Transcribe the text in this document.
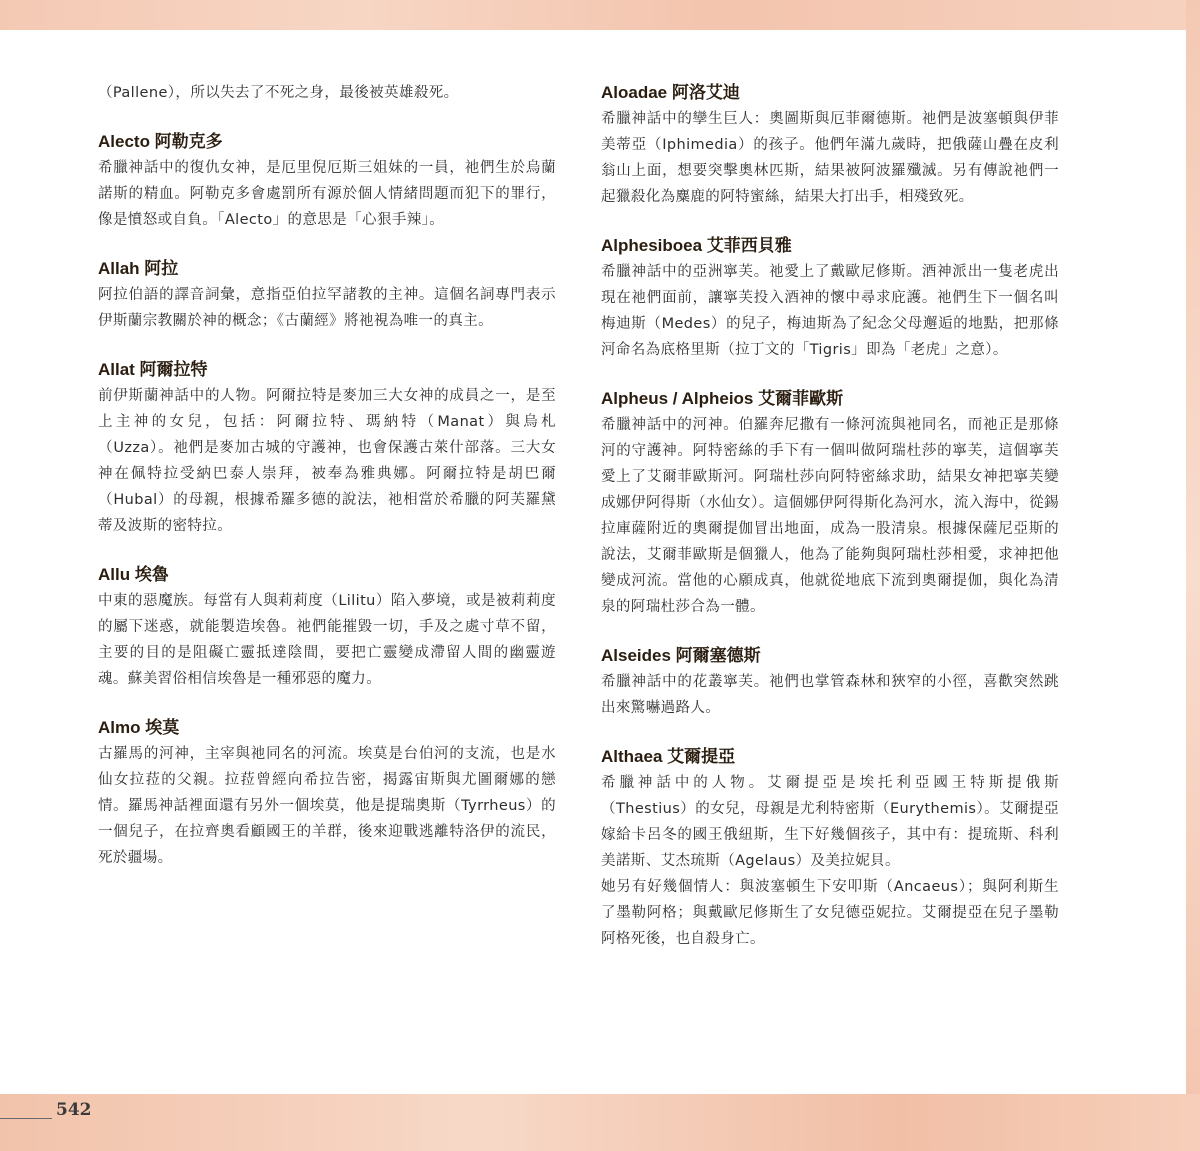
（Pallene），所以失去了不死之身，最後被英雄殺死。

Alecto 阿勒克多

希臘神話中的復仇女神，是厄里倪厄斯三姐妹的一員，祂們生於烏蘭諾斯的精血。阿勒克多會處罰所有源於個人情緒問題而犯下的罪行，像是憤怒或自負。「Alecto」的意思是「心狠手辣」。

Allah 阿拉

阿拉伯語的譯音詞彙，意指亞伯拉罕諸教的主神。這個名詞專門表示伊斯蘭宗教關於神的概念；《古蘭經》將祂視為唯一的真主。

Allat 阿爾拉特

前伊斯蘭神話中的人物。阿爾拉特是麥加三大女神的成員之一，是至上主神的女兒，包括：阿爾拉特、瑪納特（Manat）與烏札（Uzza）。祂們是麥加古城的守護神，也會保護古萊什部落。三大女神在佩特拉受納巴泰人崇拜，被奉為雅典娜。阿爾拉特是胡巴爾（Hubal）的母親，根據希羅多德的說法，祂相當於希臘的阿芙羅黛蒂及波斯的密特拉。

Allu 埃魯

中東的惡魔族。每當有人與莉莉度（Lilitu）陷入夢境，或是被莉莉度的屬下迷惑，就能製造埃魯。祂們能摧毀一切，手及之處寸草不留，主要的目的是阻礙亡靈抵達陰間，要把亡靈變成滯留人間的幽靈遊魂。蘇美習俗相信埃魯是一種邪惡的魔力。

Almo 埃莫

古羅馬的河神，主宰與祂同名的河流。埃莫是台伯河的支流，也是水仙女拉菈的父親。拉菈曾經向希拉告密，揭露宙斯與尤圖爾娜的戀情。羅馬神話裡面還有另外一個埃莫，他是提瑞奧斯（Tyrrheus）的一個兒子，在拉齊奧看顧國王的羊群，後來迎戰逃離特洛伊的流民，死於疆場。

Aloadae 阿洛艾迪

希臘神話中的孿生巨人：奧圖斯與厄菲爾德斯。祂們是波塞頓與伊菲美蒂亞（Iphimedia）的孩子。他們年滿九歲時，把俄薩山疊在皮利翁山上面，想要突擊奧林匹斯，結果被阿波羅殲滅。另有傳說祂們一起獵殺化為麋鹿的阿特蜜絲，結果大打出手，相殘致死。

Alphesiboea 艾菲西貝雅

希臘神話中的亞洲寧芙。祂愛上了戴歐尼修斯。酒神派出一隻老虎出現在祂們面前，讓寧芙投入酒神的懷中尋求庇護。祂們生下一個名叫梅迪斯（Medes）的兒子，梅迪斯為了紀念父母邂逅的地點，把那條河命名為底格里斯（拉丁文的「Tigris」即為「老虎」之意）。

Alpheus / Alpheios 艾爾菲歐斯

希臘神話中的河神。伯羅奔尼撒有一條河流與祂同名，而祂正是那條河的守護神。阿特密絲的手下有一個叫做阿瑞杜莎的寧芙，這個寧芙愛上了艾爾菲歐斯河。阿瑞杜莎向阿特密絲求助，結果女神把寧芙變成娜伊阿得斯（水仙女）。這個娜伊阿得斯化為河水，流入海中，從錫拉庫薩附近的奧爾提伽冒出地面，成為一股清泉。根據保薩尼亞斯的說法，艾爾菲歐斯是個獵人，他為了能夠與阿瑞杜莎相愛，求神把他變成河流。當他的心願成真，他就從地底下流到奧爾提伽，與化為清泉的阿瑞杜莎合為一體。

Alseides 阿爾塞德斯

希臘神話中的花叢寧芙。祂們也掌管森林和狹窄的小徑，喜歡突然跳出來驚嚇過路人。

Althaea 艾爾提亞

希臘神話中的人物。艾爾提亞是埃托利亞國王特斯提俄斯（Thestius）的女兒，母親是尤利特密斯（Eurythemis）。艾爾提亞嫁給卡呂冬的國王俄紐斯，生下好幾個孩子，其中有：提琉斯、科利美諾斯、艾杰琉斯（Agelaus）及美拉妮貝。

她另有好幾個情人：與波塞頓生下安叩斯（Ancaeus）；與阿利斯生了墨勒阿格；與戴歐尼修斯生了女兒德亞妮拉。艾爾提亞在兒子墨勒阿格死後，也自殺身亡。

542
